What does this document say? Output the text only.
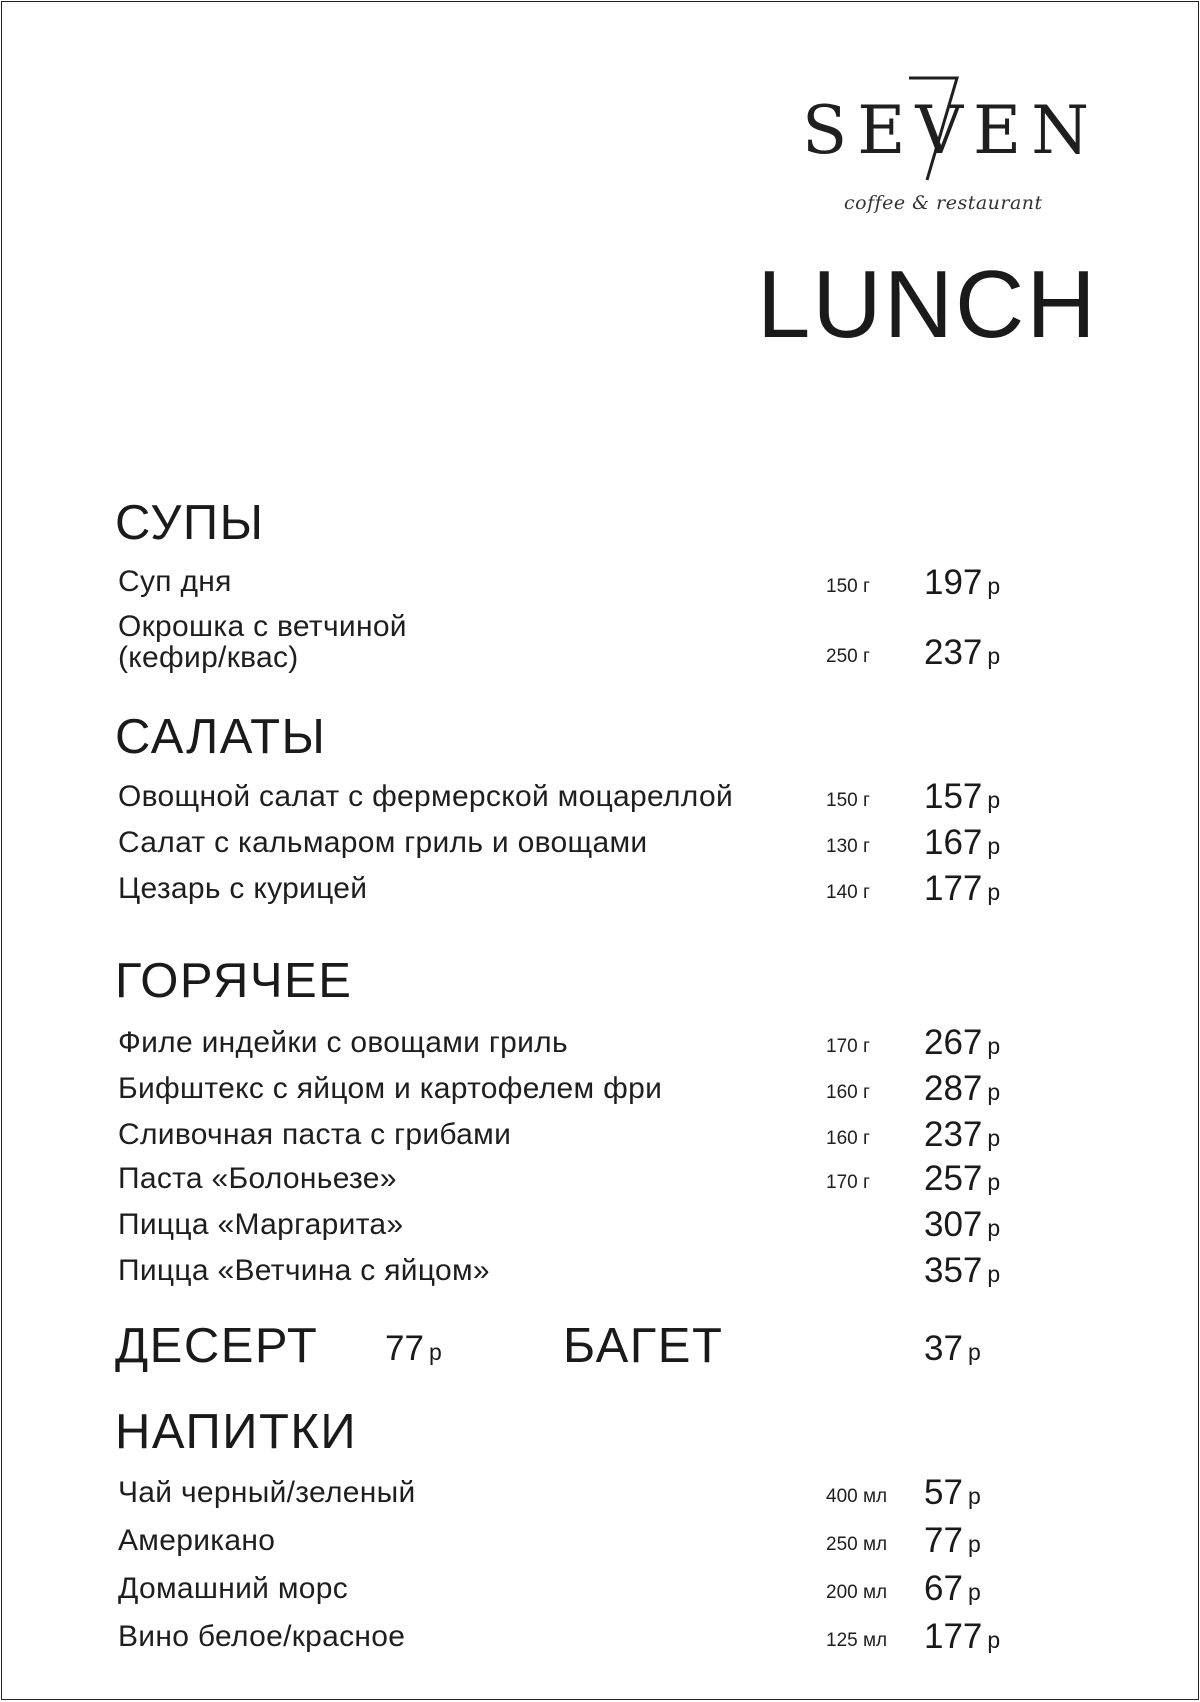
SEVEN
coffee & restaurant
LUNCH
СУПЫ
Суп дня	150 г 197 р
Окрошка с ветчиной
(кефир/квас)	250 г 237 р
САЛАТЫ
Овощной салат с фермерской моцареллой	150 г 157 р
Салат с кальмаром гриль и овощами	130 г 167 р
Цезарь с курицей	140 г 177 р
ГОРЯЧЕЕ
Филе индейки с овощами гриль	170 г 267 р
Бифштекс с яйцом и картофелем фри	160 г 287 р
Сливочная паста с грибами	160 г 237 р
Паста «Болоньезе»	170 г 257 р
Пицца «Маргарита»	307 р
Пицца «Ветчина с яйцом»	357 р
ДЕСЕРТ 77 р БАГЕТ	37 р
НАПИТКИ
Чай черный/зеленый	400 мл 57 р
Американо	250 мл 77 р
Домашний морс	200 мл 67 р
Вино белое/красное	125 мл 177 р
